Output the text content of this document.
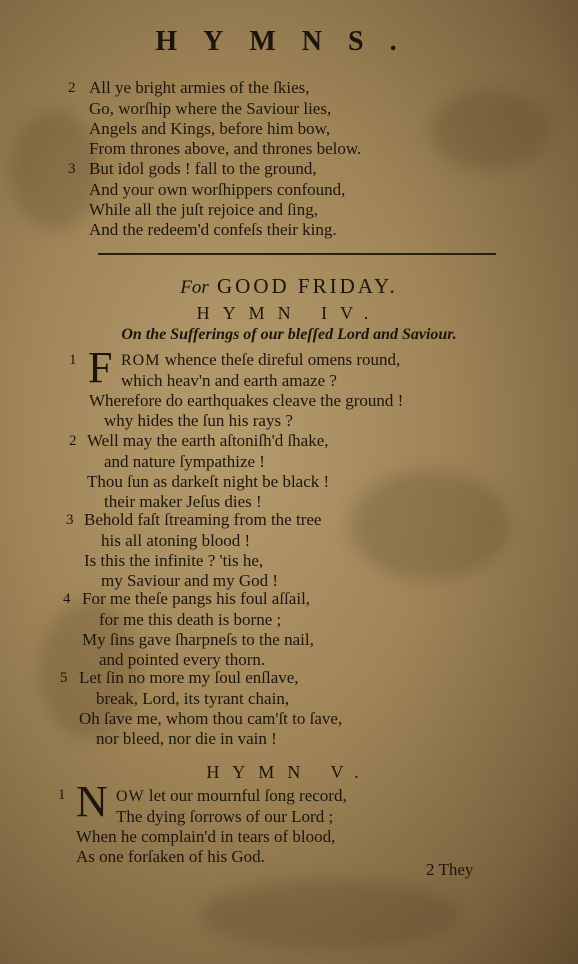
HYMNS.
2 All ye bright armies of the ſkies,
Go, worſhip where the Saviour lies,
Angels and Kings, before him bow,
From thrones above, and thrones below.
3 But idol gods ! fall to the ground,
And your own worſhippers confound,
While all the juſt rejoice and ſing,
And the redeem'd confeſs their king.
For GOOD FRIDAY.
HYMN IV.
On the Sufferings of our bleſſed Lord and Saviour.
1 F ROM whence theſe direful omens round,
which heav'n and earth amaze ?
Wherefore do earthquakes cleave the ground !
why hides the ſun his rays ?
2 Well may the earth aſtoniſh'd ſhake,
and nature ſympathize !
Thou ſun as darkeſt night be black !
their maker Jeſus dies !
3 Behold faſt ſtreaming from the tree
his all atoning blood !
Is this the infinite ? 'tis he,
my Saviour and my God !
4 For me theſe pangs his foul aſſail,
for me this death is borne ;
My ſins gave ſharpneſs to the nail,
and pointed every thorn.
5 Let ſin no more my ſoul enſlave,
break, Lord, its tyrant chain,
Oh ſave me, whom thou cam'ſt to ſave,
nor bleed, nor die in vain !
HYMN V.
1 N OW let our mournful ſong record,
The dying ſorrows of our Lord ;
When he complain'd in tears of blood,
As one forſaken of his God.
2 They
